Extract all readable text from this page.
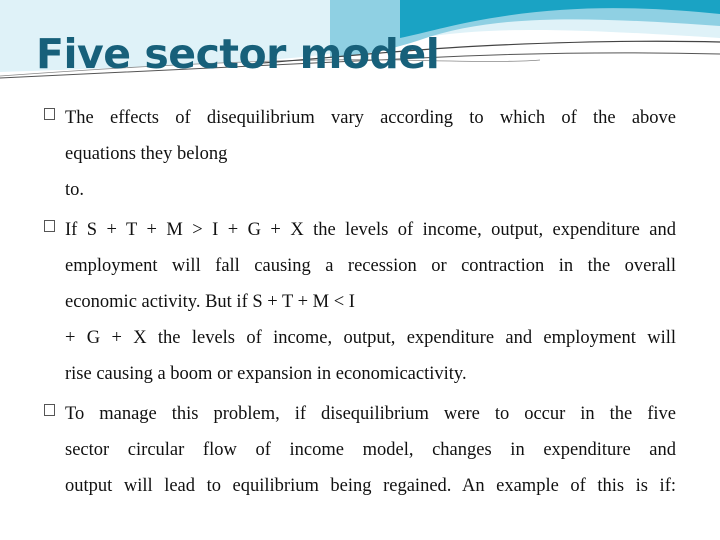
Five sector model
The effects of disequilibrium vary according to which of the above
equations they belong
to.
If S + T + M > I + G + X the levels of income, output, expenditure and
employment will fall causing a recession or contraction in the overall
economic activity. But if S + T + M < I
+ G + X the levels of income, output, expenditure and employment will
rise causing a boom or expansion in economicactivity.
To manage this problem, if disequilibrium were to occur in the five
sector circular flow of income model, changes in expenditure and
output will lead to equilibrium being regained. An example of this is if:
